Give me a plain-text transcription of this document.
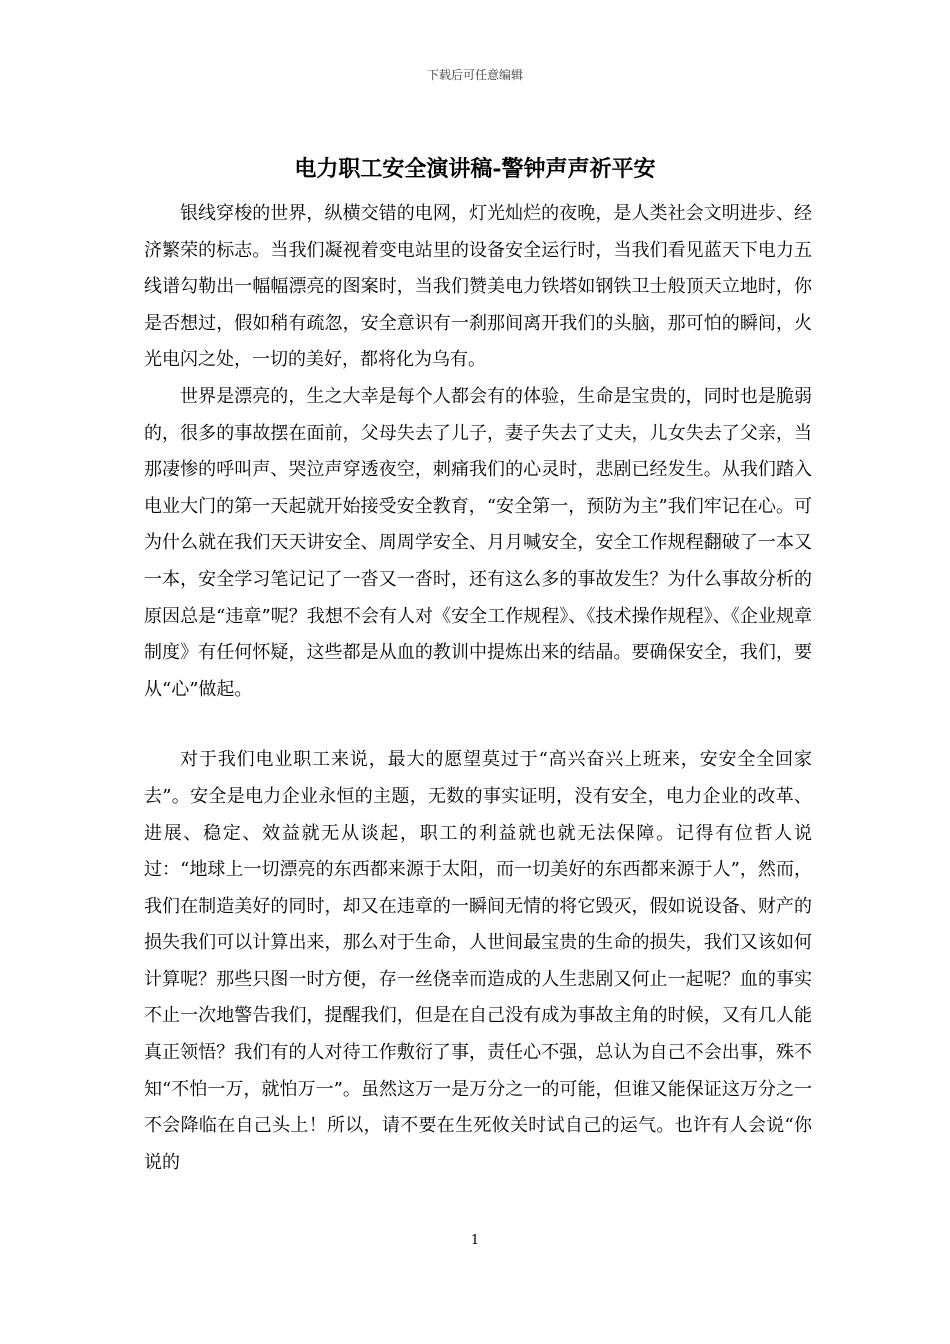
下载后可任意编辑
电力职工安全演讲稿-警钟声声祈平安

银线穿梭的世界，纵横交错的电网，灯光灿烂的夜晚，是人类社会文明进步、经济繁荣的标志。当我们凝视着变电站里的设备安全运行时，当我们看见蓝天下电力五线谱勾勒出一幅幅漂亮的图案时，当我们赞美电力铁塔如钢铁卫士般顶天立地时，你是否想过，假如稍有疏忽，安全意识有一刹那间离开我们的头脑，那可怕的瞬间，火光电闪之处，一切的美好，都将化为乌有。

世界是漂亮的，生之大幸是每个人都会有的体验，生命是宝贵的，同时也是脆弱的，很多的事故摆在面前，父母失去了儿子，妻子失去了丈夫，儿女失去了父亲，当那凄惨的呼叫声、哭泣声穿透夜空，刺痛我们的心灵时，悲剧已经发生。从我们踏入电业大门的第一天起就开始接受安全教育，“安全第一，预防为主”我们牢记在心。可为什么就在我们天天讲安全、周周学安全、月月喊安全，安全工作规程翻破了一本又一本，安全学习笔记记了一沓又一沓时，还有这么多的事故发生？为什么事故分析的原因总是“违章”呢？我想不会有人对《安全工作规程》、《技术操作规程》、《企业规章制度》有任何怀疑，这些都是从血的教训中提炼出来的结晶。要确保安全，我们，要从“心”做起。

对于我们电业职工来说，最大的愿望莫过于“高兴奋兴上班来，安安全全回家去”。安全是电力企业永恒的主题，无数的事实证明，没有安全，电力企业的改革、进展、稳定、效益就无从谈起，职工的利益就也就无法保障。记得有位哲人说过：“地球上一切漂亮的东西都来源于太阳，而一切美好的东西都来源于人”，然而，我们在制造美好的同时，却又在违章的一瞬间无情的将它毁灭，假如说设备、财产的损失我们可以计算出来，那么对于生命，人世间最宝贵的生命的损失，我们又该如何计算呢？那些只图一时方便，存一丝侥幸而造成的人生悲剧又何止一起呢？血的事实不止一次地警告我们，提醒我们，但是在自己没有成为事故主角的时候，又有几人能真正领悟？我们有的人对待工作敷衍了事，责任心不强，总认为自己不会出事，殊不知“不怕一万，就怕万一”。虽然这万一是万分之一的可能，但谁又能保证这万分之一不会降临在自己头上！所以，请不要在生死攸关时试自己的运气。也许有人会说“你说的

1
